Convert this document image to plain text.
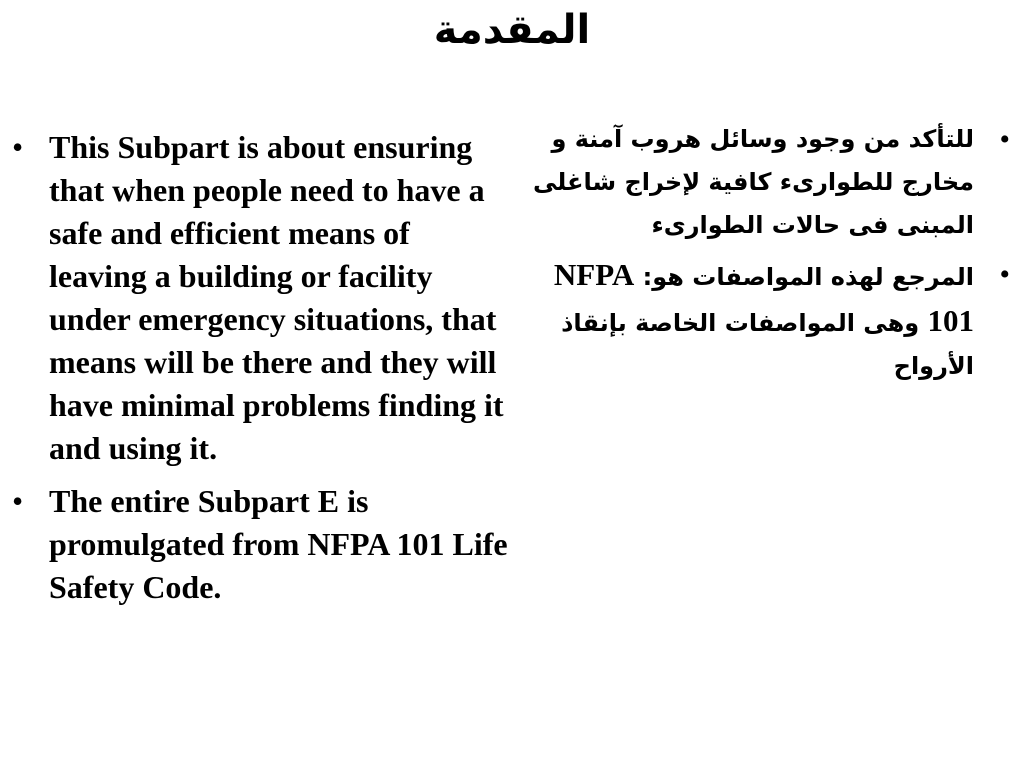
المقدمة
• This Subpart is about ensuring that when people need to have a safe and efficient means of leaving a building or facility under emergency situations, that means will be there and they will have minimal problems finding it and using it.
• The entire Subpart E is promulgated from NFPA 101 Life Safety Code.
•
للتأكد من وجود وسائل هروب آمنة و مخارج للطوارىء كافية لإخراج شاغلى المبنى فى حالات الطوارىء
•
المرجع لهذه المواصفات هو: NFPA 101 وهى المواصفات الخاصة بإنقاذ الأرواح
